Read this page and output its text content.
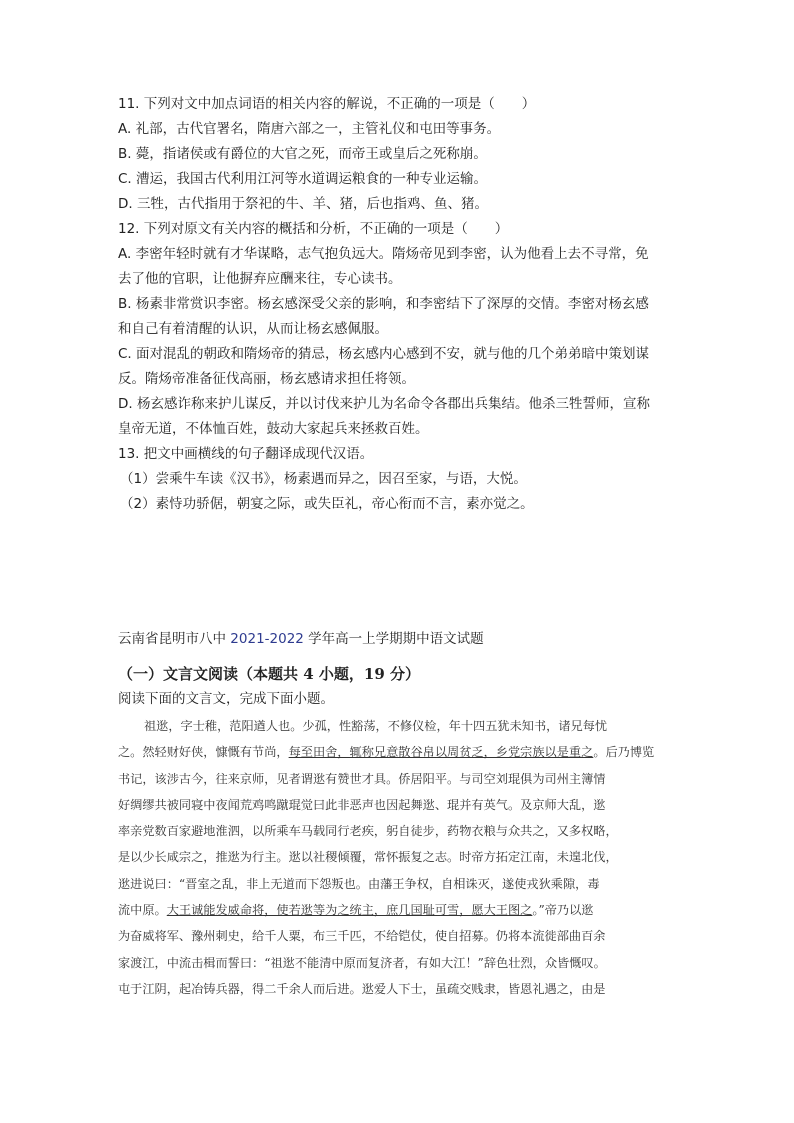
11. 下列对文中加点词语的相关内容的解说，不正确的一项是（　　）
A. 礼部，古代官署名，隋唐六部之一，主管礼仪和屯田等事务。
B. 薨，指诸侯或有爵位的大官之死，而帝王或皇后之死称崩。
C. 漕运，我国古代利用江河等水道调运粮食的一种专业运输。
D. 三牲，古代指用于祭祀的牛、羊、猪，后也指鸡、鱼、猪。
12. 下列对原文有关内容的概括和分析，不正确的一项是（　　）
A. 李密年轻时就有才华谋略，志气抱负远大。隋炀帝见到李密，认为他看上去不寻常，免
去了他的官职，让他摒弃应酬来往，专心读书。
B. 杨素非常赏识李密。杨玄感深受父亲的影响，和李密结下了深厚的交情。李密对杨玄感
和自己有着清醒的认识，从而让杨玄感佩服。
C. 面对混乱的朝政和隋炀帝的猜忌，杨玄感内心感到不安，就与他的几个弟弟暗中策划谋
反。隋炀帝准备征伐高丽，杨玄感请求担任将领。
D. 杨玄感诈称来护儿谋反，并以讨伐来护儿为名命令各郡出兵集结。他杀三牲誓师，宣称
皇帝无道，不体恤百姓，鼓动大家起兵来拯救百姓。
13. 把文中画横线的句子翻译成现代汉语。
（1）尝乘牛车读《汉书》，杨素遇而异之，因召至家，与语，大悦。
（2）素恃功骄倨，朝宴之际，或失臣礼，帝心衔而不言，素亦觉之。
云南省昆明市八中 2021-2022 学年高一上学期期中语文试题
（一）文言文阅读（本题共 4 小题，19 分）
阅读下面的文言文，完成下面小题。

祖逖，字士稚，范阳遒人也。少孤，性豁荡，不修仪检，年十四五犹未知书，诸兄每忧

之。然轻财好侠，慷慨有节尚，每至田舍，辄称兄意散谷帛以周贫乏，乡党宗族以是重之。后乃博览

书记，该涉古今，往来京师，见者谓逖有赞世才具。侨居阳平。与司空刘琨俱为司州主簿情

好绸缪共被同寝中夜闻荒鸡鸣蹴琨觉曰此非恶声也因起舞逖、琨并有英气。及京师大乱，逖

率亲党数百家避地淮泗，以所乘车马载同行老疾，躬自徒步，药物衣粮与众共之，又多权略，

是以少长咸宗之，推逖为行主。逖以社稷倾覆，常怀振复之志。时帝方拓定江南，未遑北伐，

逖进说曰：“晋室之乱，非上无道而下怨叛也。由藩王争权，自相诛灭，遂使戎狄乘隙，毒

流中原。大王诚能发威命将，使若逖等为之统主，庶几国耻可雪，愿大王图之。”帝乃以逖

为奋威将军、豫州刺史，给千人粟，布三千匹，不给铠仗，使自招募。仍将本流徙部曲百余

家渡江，中流击楫而誓曰：“祖逖不能清中原而复济者，有如大江！”辞色壮烈，众皆慨叹。

屯于江阴，起冶铸兵器，得二千余人而后进。逖爱人下士，虽疏交贱隶，皆恩礼遇之，由是
